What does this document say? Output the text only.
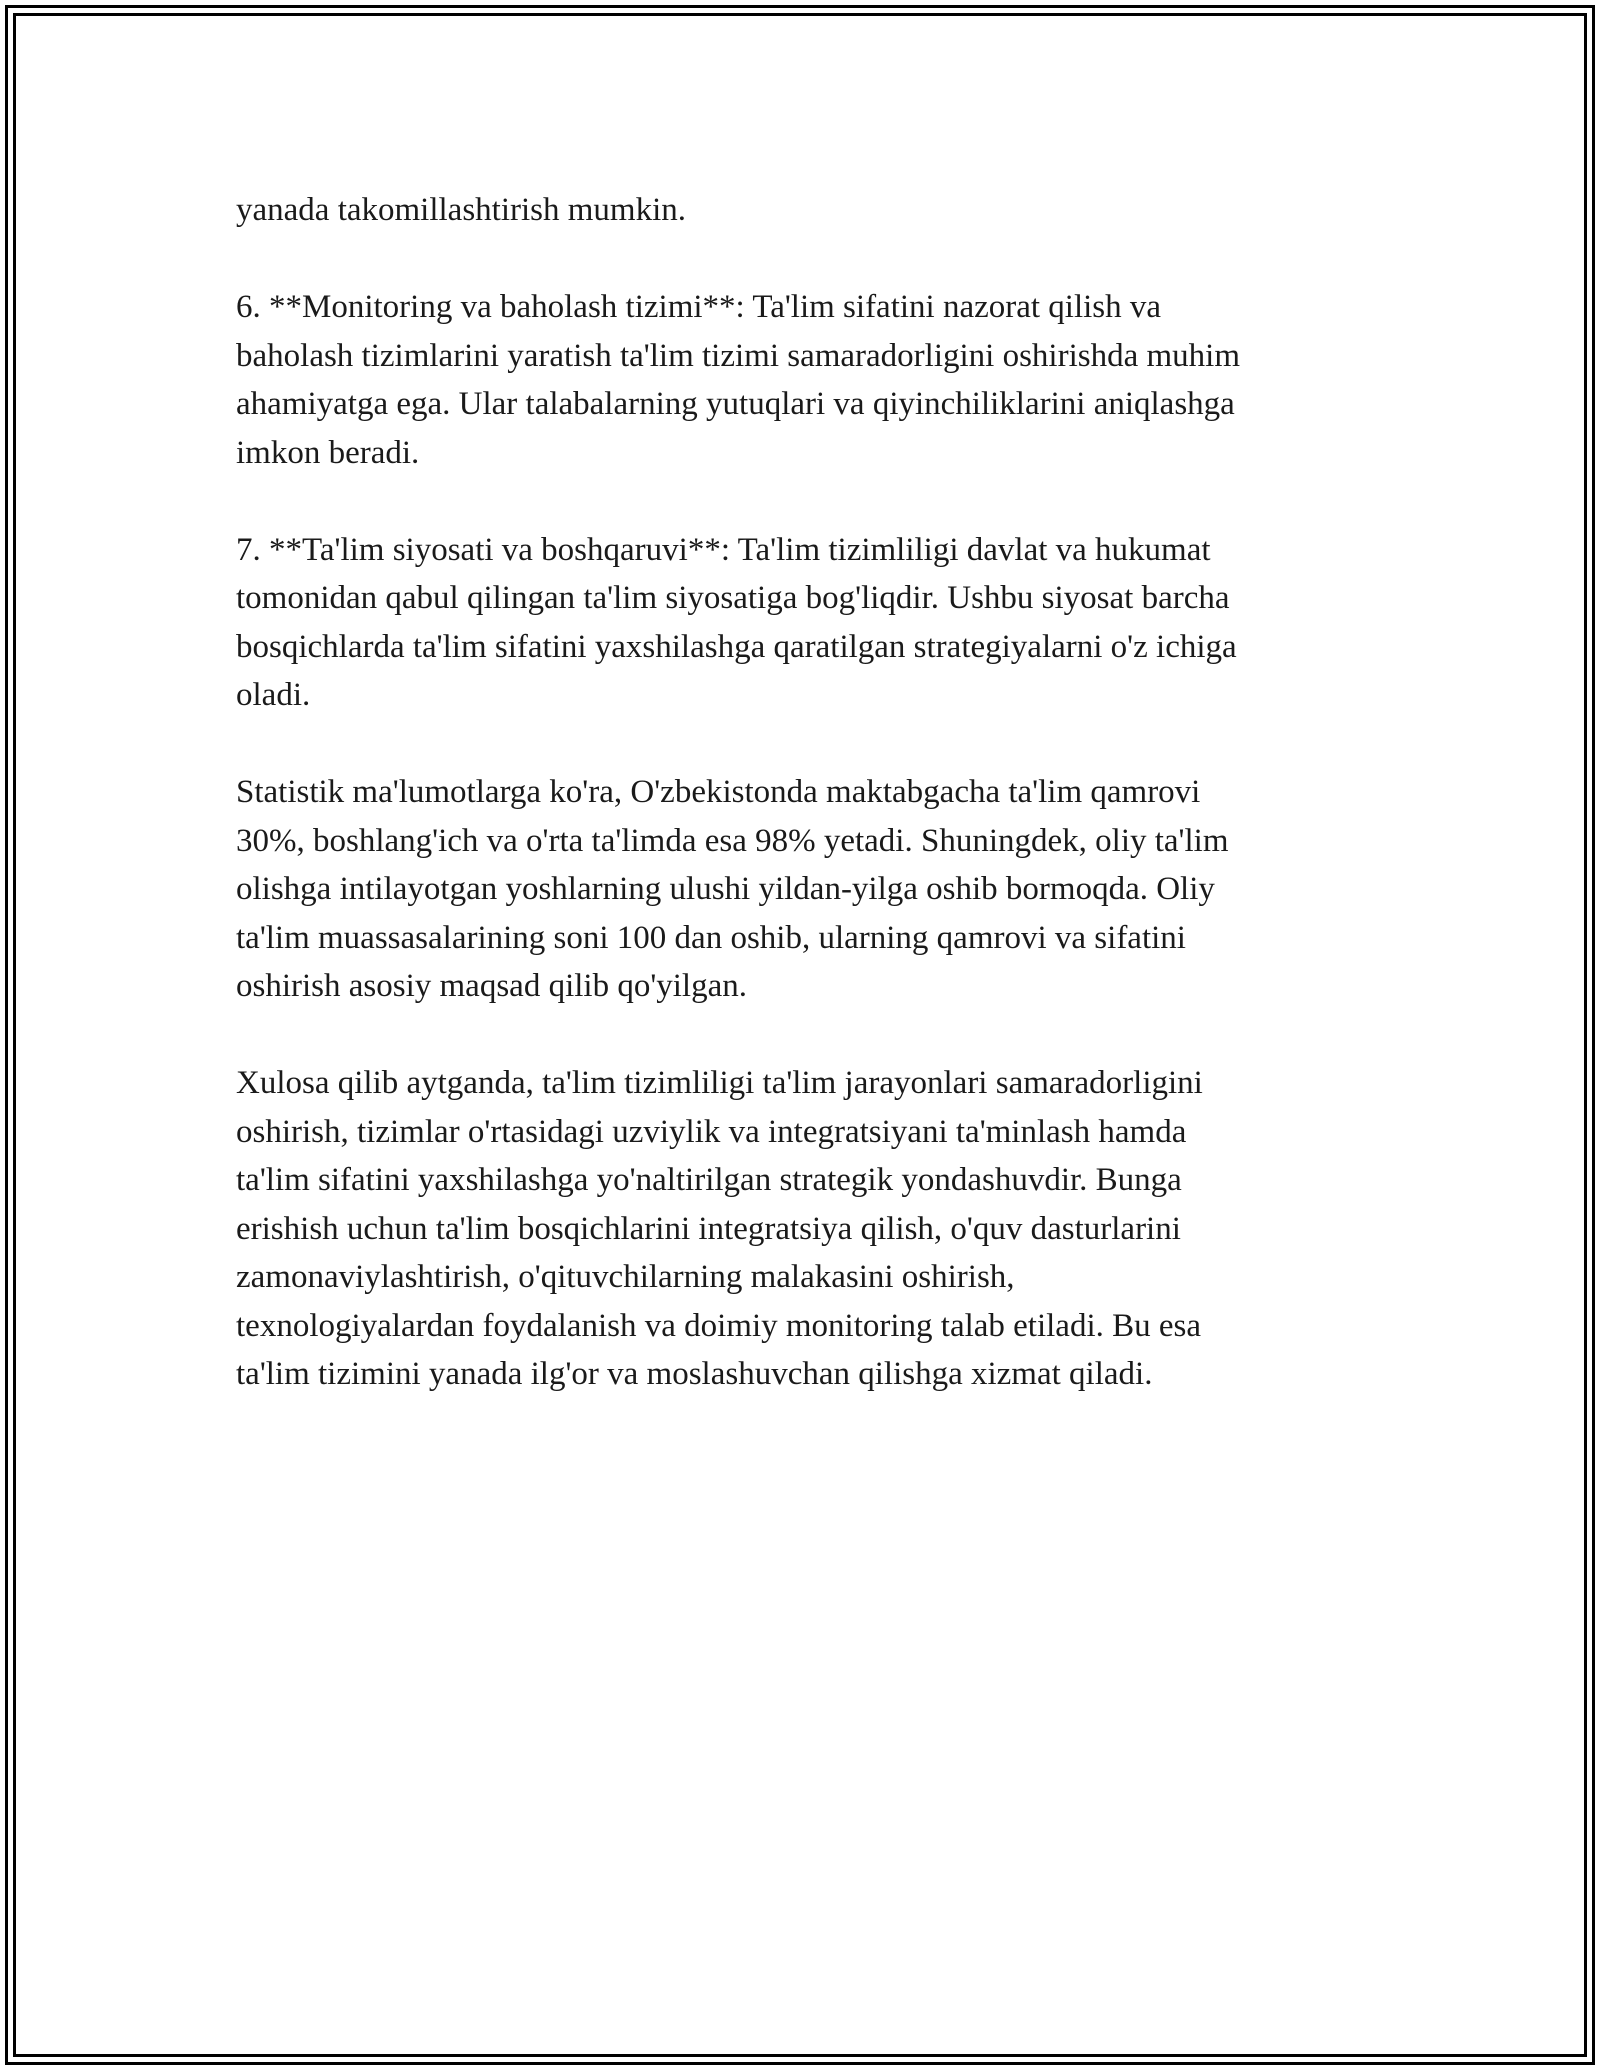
yanada takomillashtirish mumkin.

6. **Monitoring va baholash tizimi**: Ta'lim sifatini nazorat qilish va
baholash tizimlarini yaratish ta'lim tizimi samaradorligini oshirishda muhim
ahamiyatga ega. Ular talabalarning yutuqlari va qiyinchiliklarini aniqlashga
imkon beradi.

7. **Ta'lim siyosati va boshqaruvi**: Ta'lim tizimliligi davlat va hukumat
tomonidan qabul qilingan ta'lim siyosatiga bog'liqdir. Ushbu siyosat barcha
bosqichlarda ta'lim sifatini yaxshilashga qaratilgan strategiyalarni o'z ichiga
oladi.

Statistik ma'lumotlarga ko'ra, O'zbekistonda maktabgacha ta'lim qamrovi
30%, boshlang'ich va o'rta ta'limda esa 98% yetadi. Shuningdek, oliy ta'lim
olishga intilayotgan yoshlarning ulushi yildan-yilga oshib bormoqda. Oliy
ta'lim muassasalarining soni 100 dan oshib, ularning qamrovi va sifatini
oshirish asosiy maqsad qilib qo'yilgan.

Xulosa qilib aytganda, ta'lim tizimliligi ta'lim jarayonlari samaradorligini
oshirish, tizimlar o'rtasidagi uzviylik va integratsiyani ta'minlash hamda
ta'lim sifatini yaxshilashga yo'naltirilgan strategik yondashuvdir. Bunga
erishish uchun ta'lim bosqichlarini integratsiya qilish, o'quv dasturlarini
zamonaviylashtirish, o'qituvchilarning malakasini oshirish,
texnologiyalardan foydalanish va doimiy monitoring talab etiladi. Bu esa
ta'lim tizimini yanada ilg'or va moslashuvchan qilishga xizmat qiladi.
